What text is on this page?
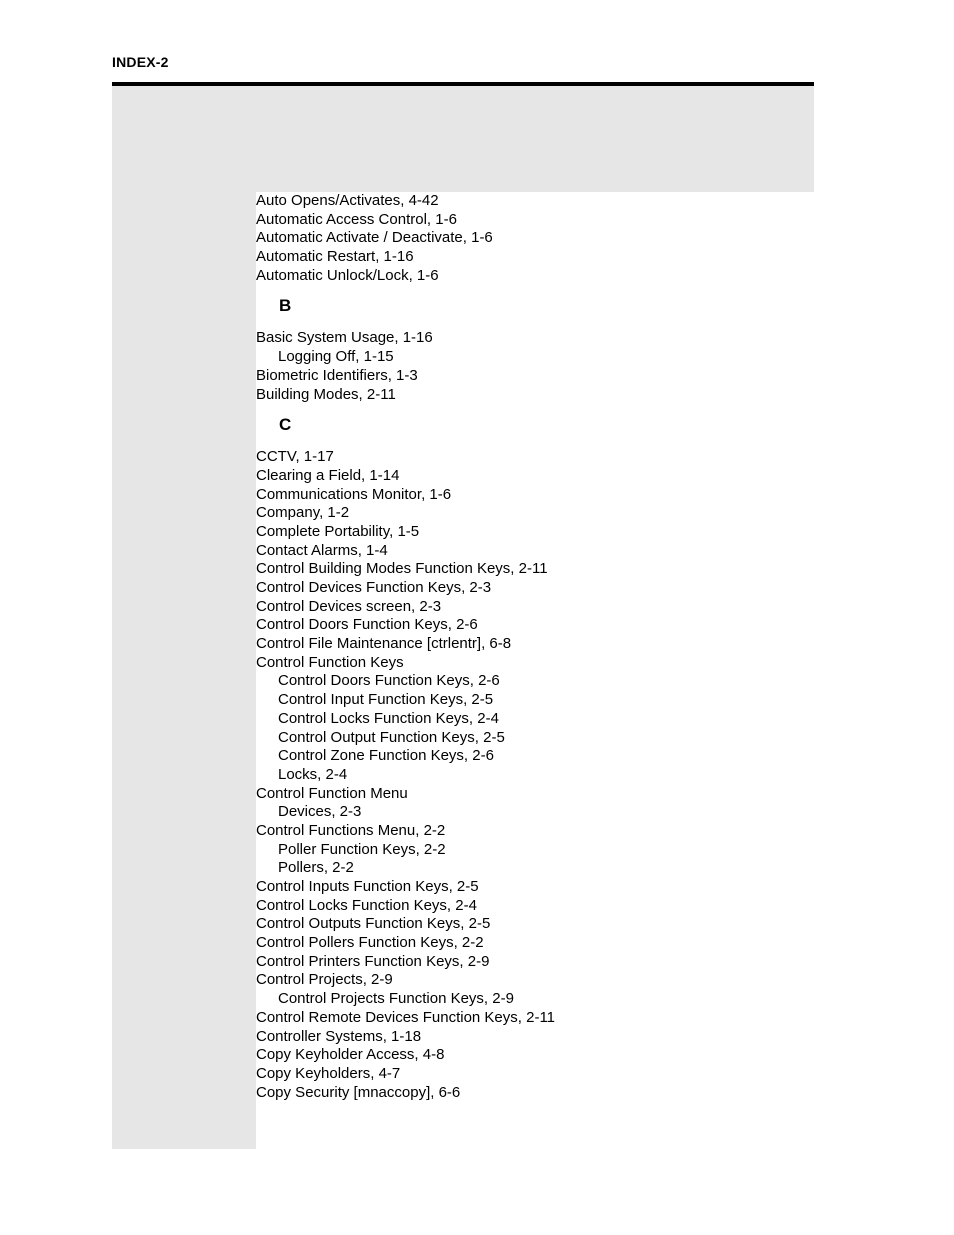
INDEX-2
Auto Opens/Activates, 4-42
Automatic Access Control, 1-6
Automatic Activate / Deactivate, 1-6
Automatic Restart, 1-16
Automatic Unlock/Lock, 1-6
B
Basic System Usage, 1-16
Logging Off, 1-15
Biometric Identifiers, 1-3
Building Modes, 2-11
C
CCTV, 1-17
Clearing a Field, 1-14
Communications Monitor, 1-6
Company, 1-2
Complete Portability, 1-5
Contact Alarms, 1-4
Control Building Modes Function Keys, 2-11
Control Devices Function Keys, 2-3
Control Devices screen, 2-3
Control Doors Function Keys, 2-6
Control File Maintenance [ctrlentr], 6-8
Control Function Keys
Control Doors Function Keys, 2-6
Control Input Function Keys, 2-5
Control Locks Function Keys, 2-4
Control Output Function Keys, 2-5
Control Zone Function Keys, 2-6
Locks, 2-4
Control Function Menu
Devices, 2-3
Control Functions Menu, 2-2
Poller Function Keys, 2-2
Pollers, 2-2
Control Inputs Function Keys, 2-5
Control Locks Function Keys, 2-4
Control Outputs Function Keys, 2-5
Control Pollers Function Keys, 2-2
Control Printers Function Keys, 2-9
Control Projects, 2-9
Control Projects Function Keys, 2-9
Control Remote Devices Function Keys, 2-11
Controller Systems, 1-18
Copy Keyholder Access, 4-8
Copy Keyholders, 4-7
Copy Security [mnaccopy], 6-6
